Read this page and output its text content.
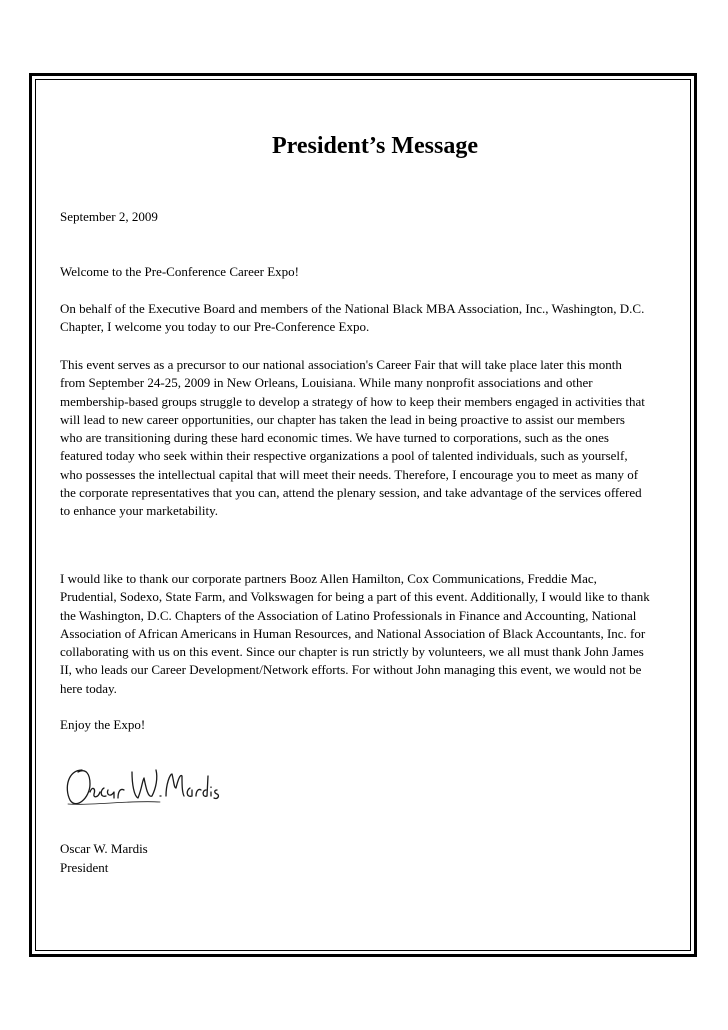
President’s Message
September 2, 2009
Welcome to the Pre-Conference Career Expo!

On behalf of the Executive Board and members of the National Black MBA Association, Inc., Washington, D.C. Chapter, I welcome you today to our Pre-Conference Expo.

This event serves as a precursor to our national association's Career Fair that will take place later this month from September 24-25, 2009 in New Orleans, Louisiana. While many nonprofit associations and other membership-based groups struggle to develop a strategy of how to keep their members engaged in activities that will lead to new career opportunities, our chapter has taken the lead in being proactive to assist our members who are transitioning during these hard economic times. We have turned to corporations, such as the ones featured today who seek within their respective organizations a pool of talented individuals, such as yourself, who possesses the intellectual capital that will meet their needs. Therefore, I encourage you to meet as many of the corporate representatives that you can, attend the plenary session, and take advantage of the services offered to enhance your marketability.

I would like to thank our corporate partners Booz Allen Hamilton, Cox Communications, Freddie Mac, Prudential, Sodexo, State Farm, and Volkswagen for being a part of this event. Additionally, I would like to thank the Washington, D.C. Chapters of the Association of Latino Professionals in Finance and Accounting, National Association of African Americans in Human Resources, and National Association of Black Accountants, Inc. for collaborating with us on this event. Since our chapter is run strictly by volunteers, we all must thank John James II, who leads our Career Development/Network efforts. For without John managing this event, we would not be here today.

Enjoy the Expo!
Oscar W. Mardis
President
